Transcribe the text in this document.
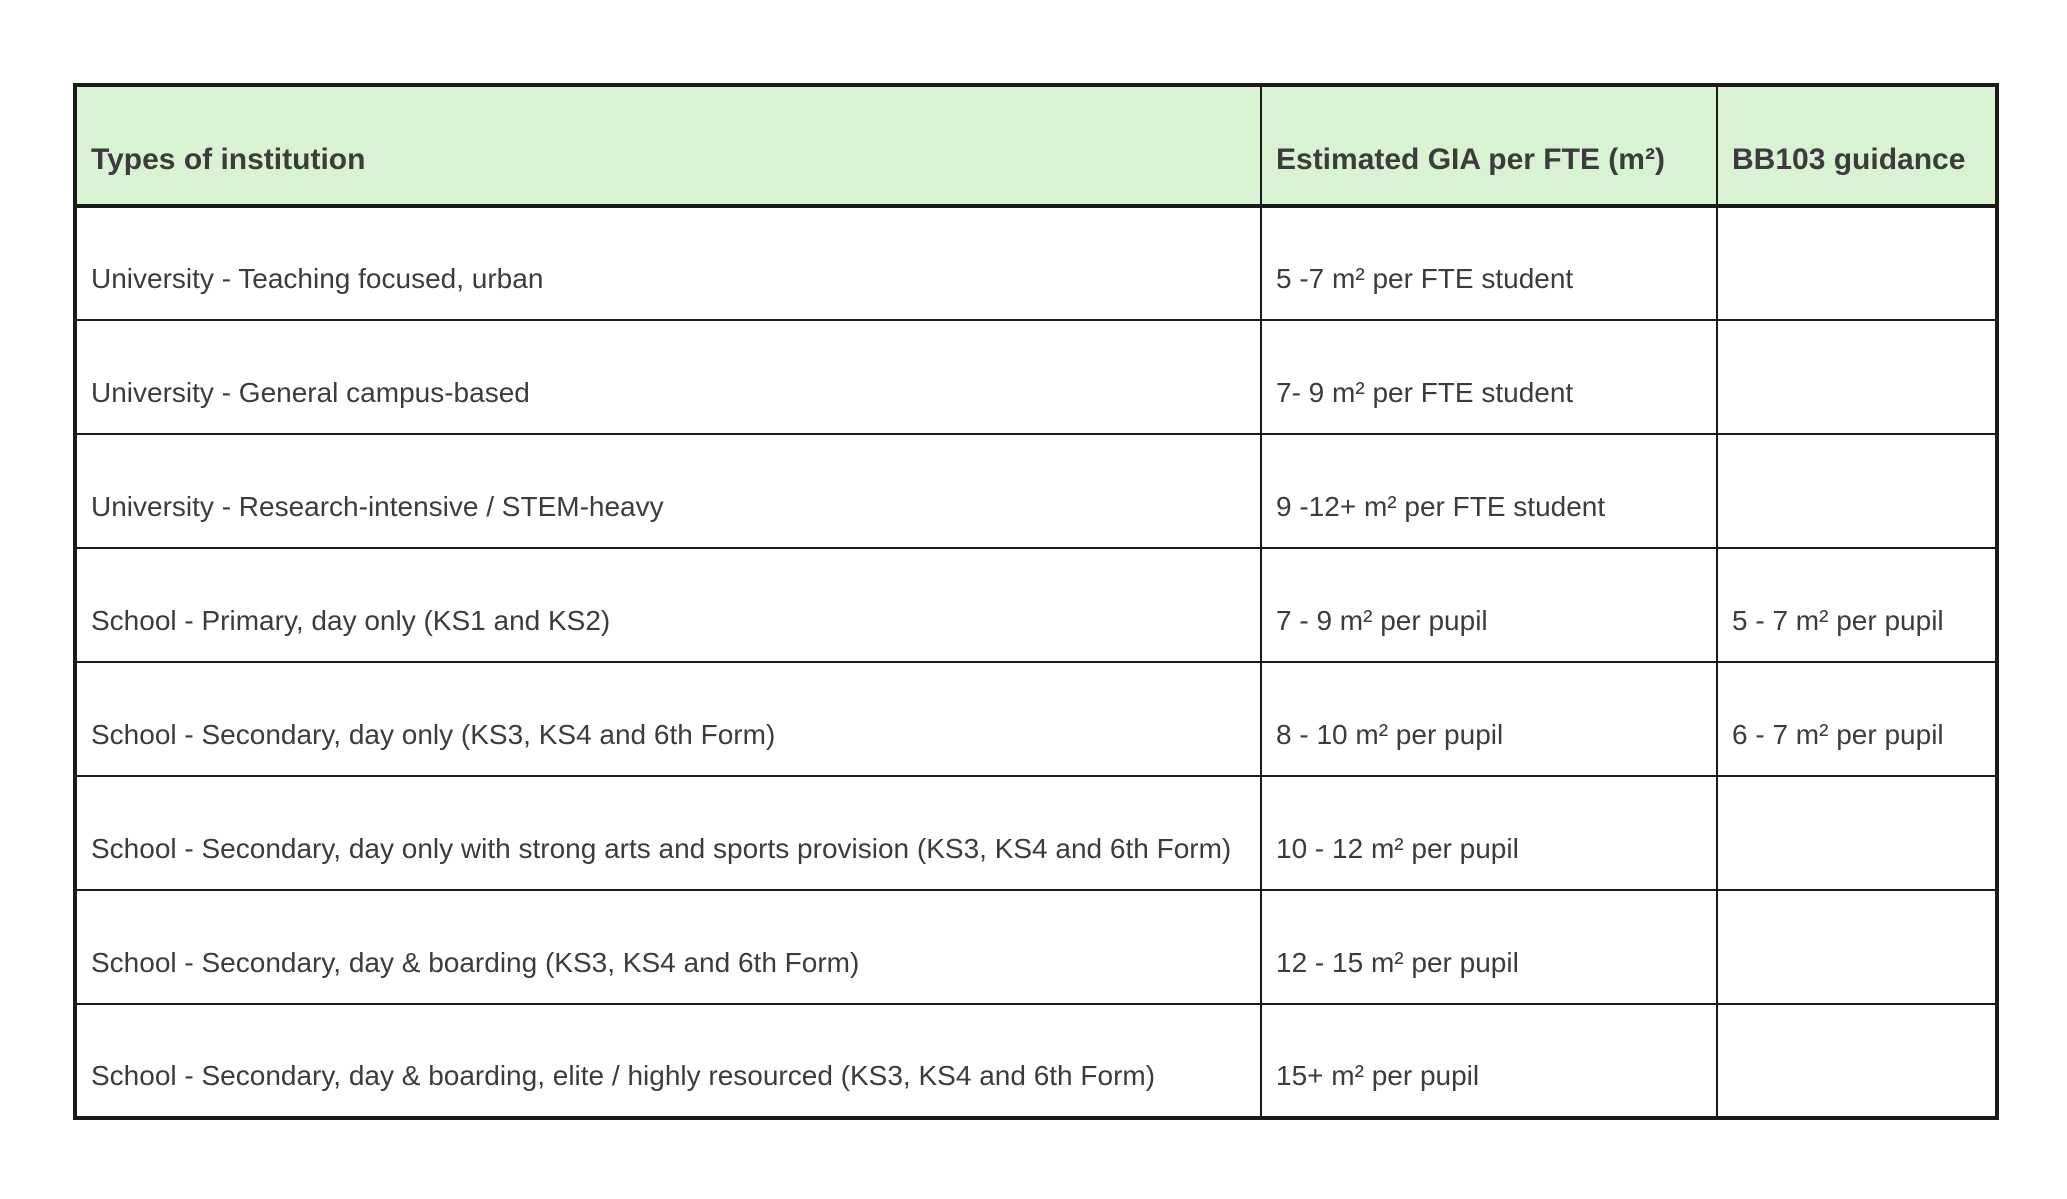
Types of institution	Estimated GIA per FTE (m²)	BB103 guidance
University - Teaching focused, urban	5 -7 m² per FTE student	
University - General campus-based	7- 9 m² per FTE student	
University - Research-intensive / STEM-heavy	9 -12+ m² per FTE student	
School - Primary, day only (KS1 and KS2)	7 - 9 m² per pupil	5 - 7 m² per pupil
School - Secondary, day only (KS3, KS4 and 6th Form)	8 - 10 m² per pupil	6 - 7 m² per pupil
School - Secondary, day only with strong arts and sports provision (KS3, KS4 and 6th Form)	10 - 12 m² per pupil	
School - Secondary, day & boarding (KS3, KS4 and 6th Form)	12 - 15 m² per pupil	
School - Secondary, day & boarding, elite / highly resourced (KS3, KS4 and 6th Form)	15+ m² per pupil	
